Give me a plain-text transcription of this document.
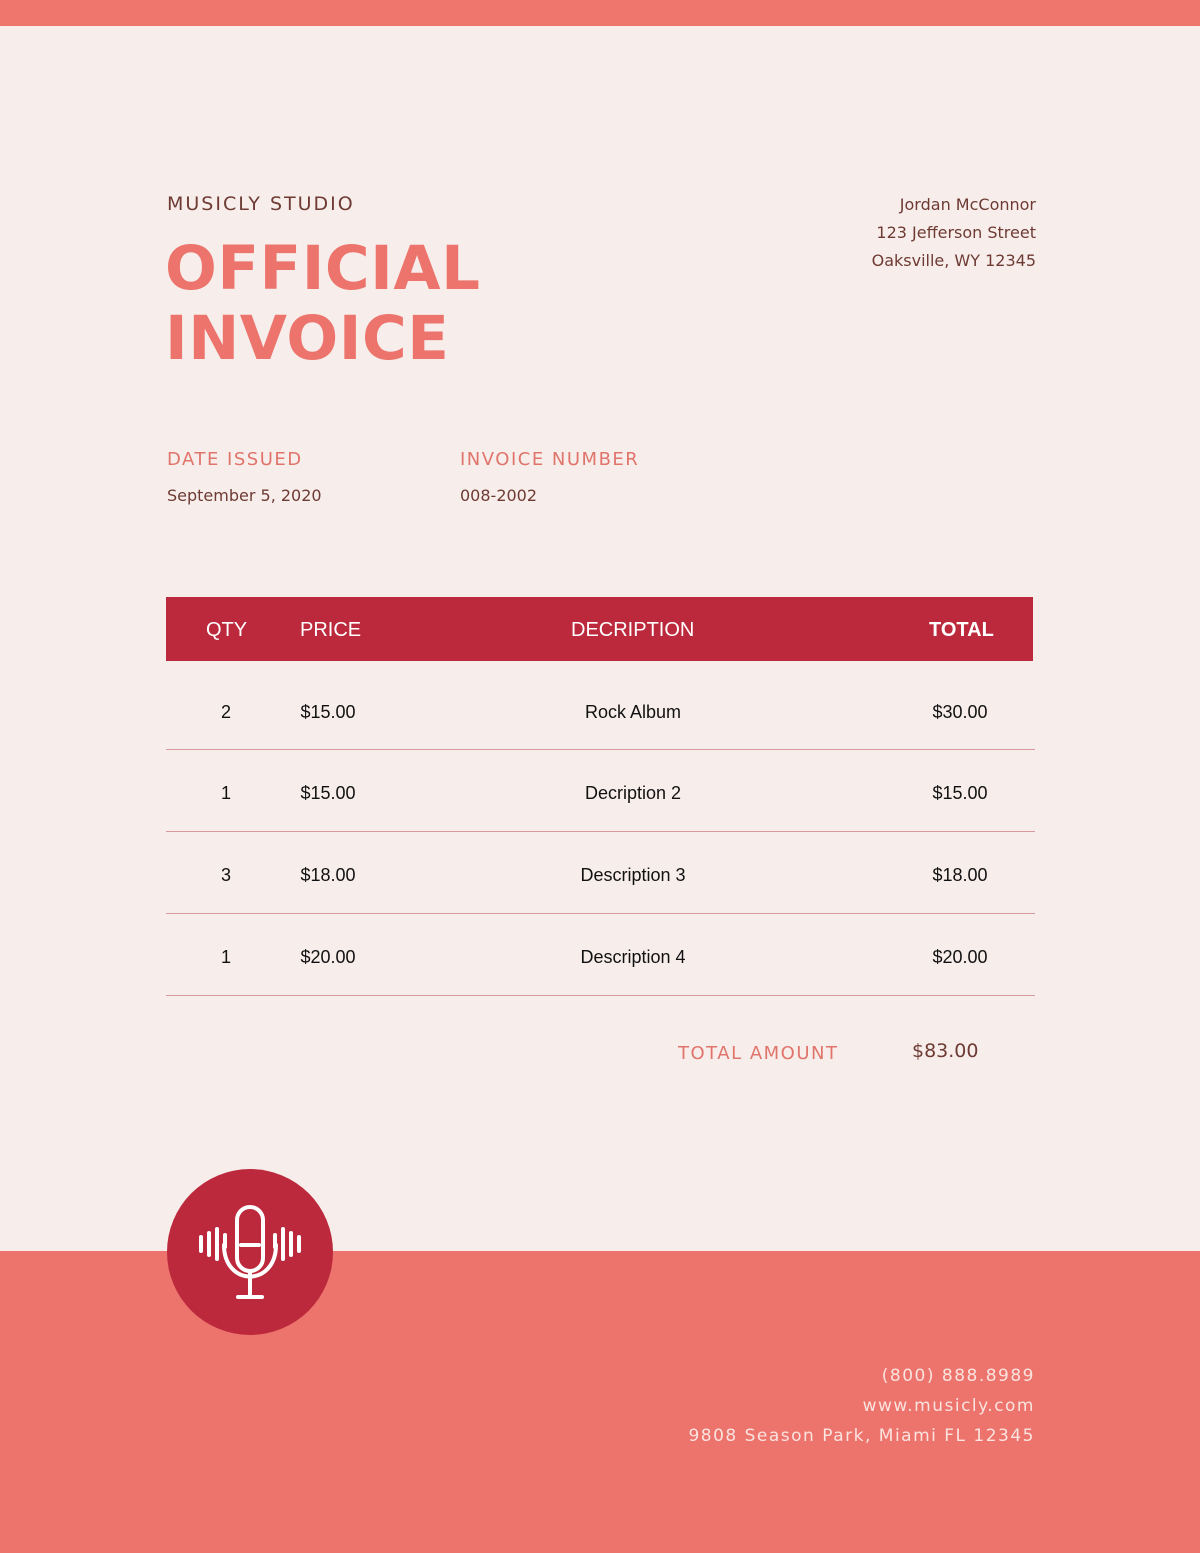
MUSICLY STUDIO
OFFICIAL
INVOICE
Jordan McConnor
123 Jefferson Street
Oaksville, WY 12345
DATE ISSUED
September 5, 2020
INVOICE NUMBER
008-2002
QTY	PRICE	DECRIPTION	TOTAL
2	$15.00	Rock Album	$30.00
1	$15.00	Decription 2	$15.00
3	$18.00	Description 3	$18.00
1	$20.00	Description 4	$20.00
TOTAL AMOUNT	$83.00
(800) 888.8989
www.musicly.com
9808 Season Park, Miami FL 12345
